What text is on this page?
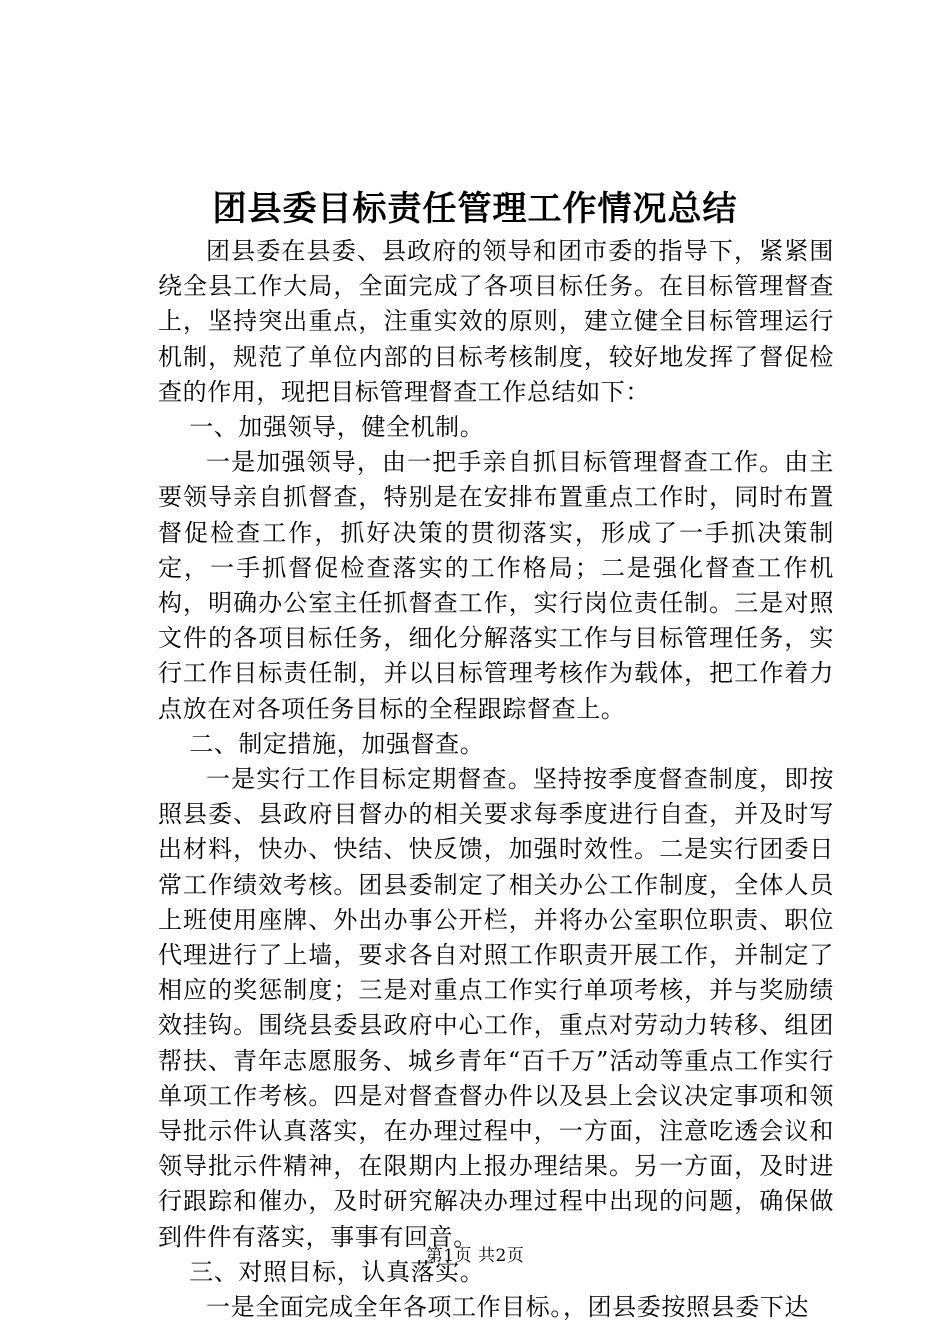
团县委目标责任管理工作情况总结

团县委在县委、县政府的领导和团市委的指导下，紧紧围绕全县工作大局，全面完成了各项目标任务。在目标管理督查上，坚持突出重点，注重实效的原则，建立健全目标管理运行机制，规范了单位内部的目标考核制度，较好地发挥了督促检查的作用，现把目标管理督查工作总结如下：

一、加强领导，健全机制。

一是加强领导，由一把手亲自抓目标管理督查工作。由主要领导亲自抓督查，特别是在安排布置重点工作时，同时布置督促检查工作，抓好决策的贯彻落实，形成了一手抓决策制定，一手抓督促检查落实的工作格局；二是强化督查工作机构，明确办公室主任抓督查工作，实行岗位责任制。三是对照文件的各项目标任务，细化分解落实工作与目标管理任务，实行工作目标责任制，并以目标管理考核作为载体，把工作着力点放在对各项任务目标的全程跟踪督查上。

二、制定措施，加强督查。

一是实行工作目标定期督查。坚持按季度督查制度，即按照县委、县政府目督办的相关要求每季度进行自查，并及时写出材料，快办、快结、快反馈，加强时效性。二是实行团委日常工作绩效考核。团县委制定了相关办公工作制度，全体人员上班使用座牌、外出办事公开栏，并将办公室职位职责、职位代理进行了上墙，要求各自对照工作职责开展工作，并制定了相应的奖惩制度；三是对重点工作实行单项考核，并与奖励绩效挂钩。围绕县委县政府中心工作，重点对劳动力转移、组团帮扶、青年志愿服务、城乡青年“百千万”活动等重点工作实行单项工作考核。四是对督查督办件以及县上会议决定事项和领导批示件认真落实，在办理过程中，一方面，注意吃透会议和领导批示件精神，在限期内上报办理结果。另一方面，及时进行跟踪和催办，及时研究解决办理过程中出现的问题，确保做到件件有落实，事事有回音。

三、对照目标，认真落实。

一是全面完成全年各项工作目标。，团县委按照县委下达

第1页 共2页
